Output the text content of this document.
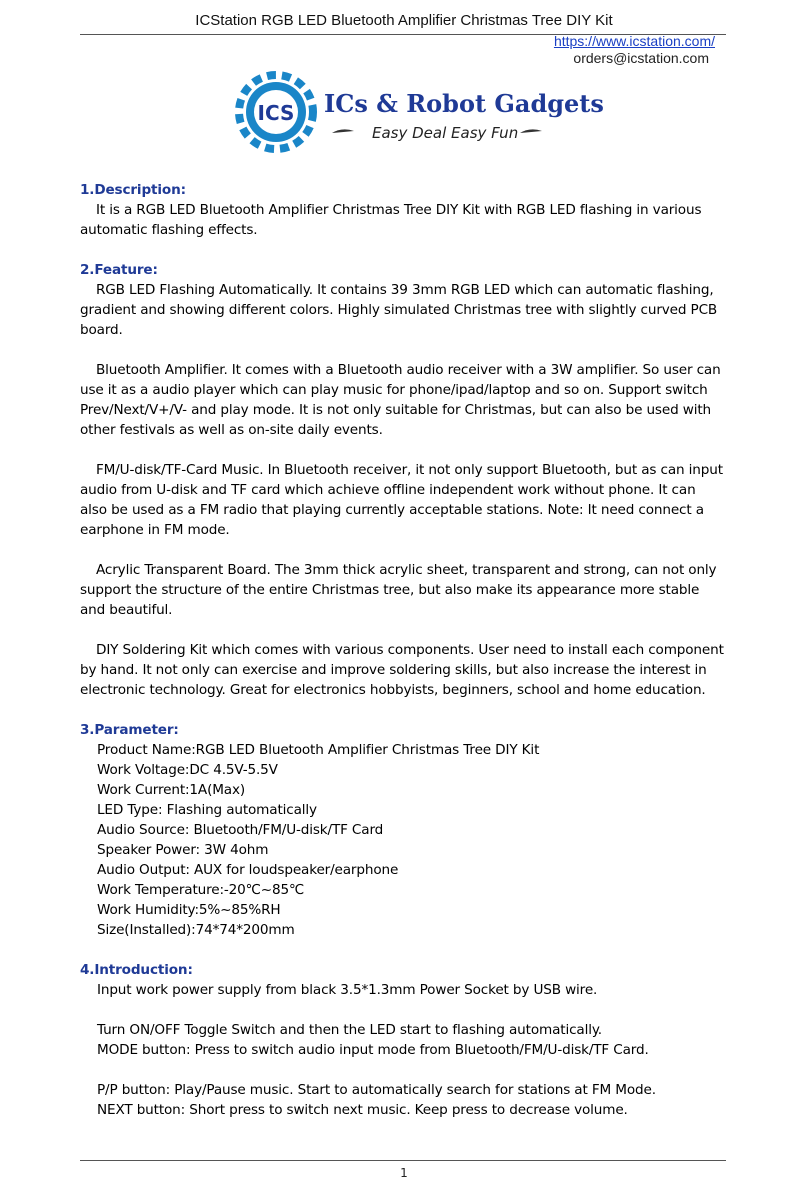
ICStation RGB LED Bluetooth Amplifier Christmas Tree DIY Kit
https://www.icstation.com/
orders@icstation.com
ICS ICs & Robot Gadgets
Easy Deal Easy Fun
1.Description:

It is a RGB LED Bluetooth Amplifier Christmas Tree DIY Kit with RGB LED flashing in various automatic flashing effects.

2.Feature:

RGB LED Flashing Automatically. It contains 39 3mm RGB LED which can automatic flashing, gradient and showing different colors. Highly simulated Christmas tree with slightly curved PCB board.

Bluetooth Amplifier. It comes with a Bluetooth audio receiver with a 3W amplifier. So user can use it as a audio player which can play music for phone/ipad/laptop and so on. Support switch Prev/Next/V+/V- and play mode. It is not only suitable for Christmas, but can also be used with other festivals as well as on-site daily events.

FM/U-disk/TF-Card Music. In Bluetooth receiver, it not only support Bluetooth, but as can input audio from U-disk and TF card which achieve offline independent work without phone. It can also be used as a FM radio that playing currently acceptable stations. Note: It need connect a earphone in FM mode.

Acrylic Transparent Board. The 3mm thick acrylic sheet, transparent and strong, can not only support the structure of the entire Christmas tree, but also make its appearance more stable and beautiful.

DIY Soldering Kit which comes with various components. User need to install each component by hand. It not only can exercise and improve soldering skills, but also increase the interest in electronic technology. Great for electronics hobbyists, beginners, school and home education.

3.Parameter:
Product Name:RGB LED Bluetooth Amplifier Christmas Tree DIY Kit
Work Voltage:DC 4.5V-5.5V
Work Current:1A(Max)
LED Type: Flashing automatically
Audio Source: Bluetooth/FM/U-disk/TF Card
Speaker Power: 3W 4ohm
Audio Output: AUX for loudspeaker/earphone
Work Temperature:-20℃~85℃
Work Humidity:5%~85%RH
Size(Installed):74*74*200mm
4.Introduction:
Input work power supply from black 3.5*1.3mm Power Socket by USB wire.
Turn ON/OFF Toggle Switch and then the LED start to flashing automatically.
MODE button: Press to switch audio input mode from Bluetooth/FM/U-disk/TF Card.
P/P button: Play/Pause music. Start to automatically search for stations at FM Mode.
NEXT button: Short press to switch next music. Keep press to decrease volume.
1
